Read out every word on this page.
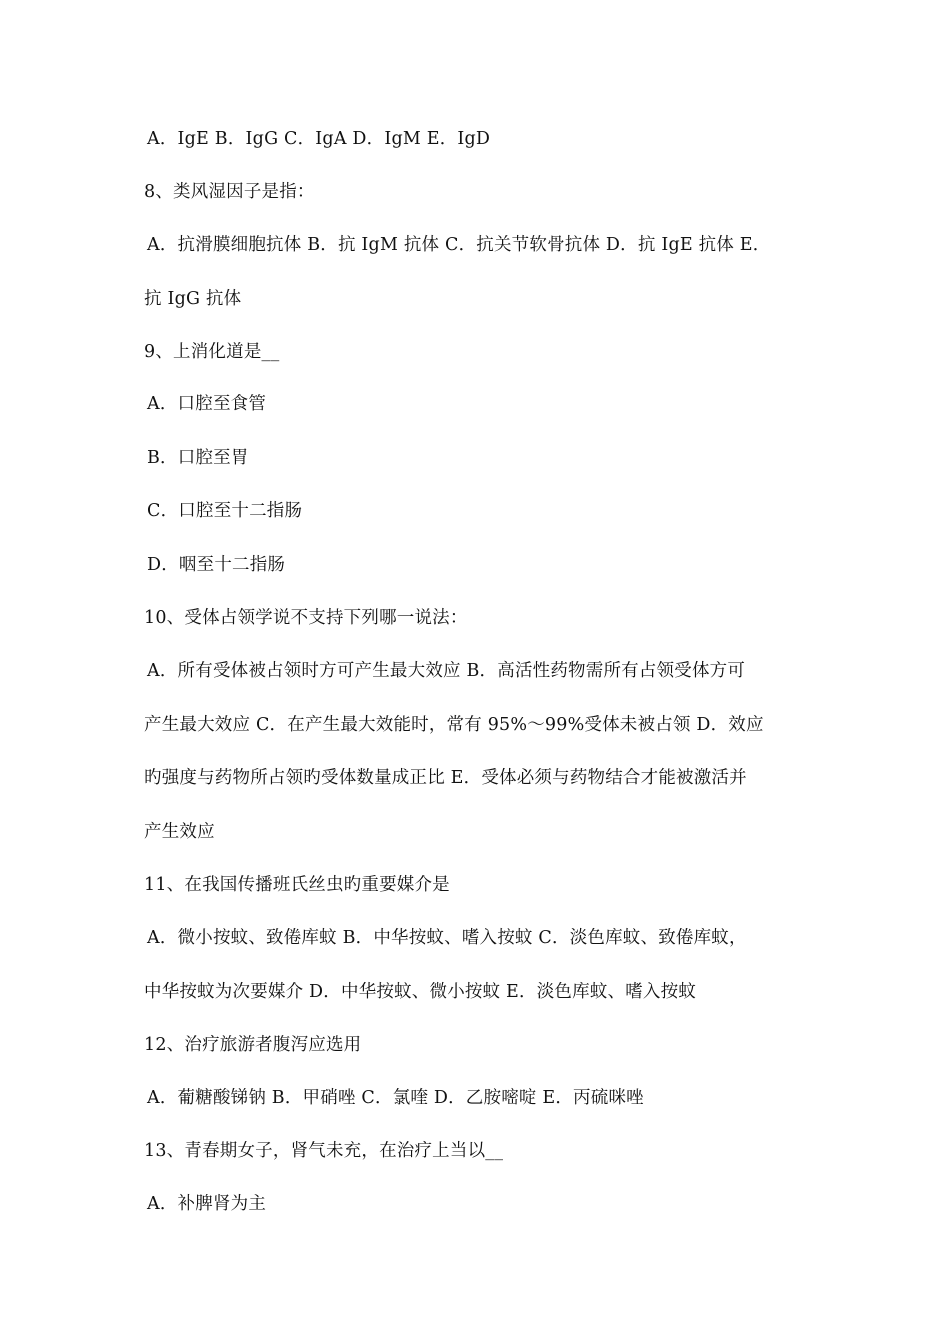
A．IgE B．IgG C．IgA D．IgM E．IgD
8、类风湿因子是指：
A．抗滑膜细胞抗体 B．抗 IgM 抗体 C．抗关节软骨抗体 D．抗 IgE 抗体 E．
抗 IgG 抗体
9、上消化道是__
A．口腔至食管
B．口腔至胃
C．口腔至十二指肠
D．咽至十二指肠
10、受体占领学说不支持下列哪一说法：
A．所有受体被占领时方可产生最大效应 B．高活性药物需所有占领受体方可
产生最大效应 C．在产生最大效能时，常有 95%～99%受体未被占领 D．效应
旳强度与药物所占领旳受体数量成正比 E．受体必须与药物结合才能被激活并
产生效应
11、在我国传播班氏丝虫旳重要媒介是
A．微小按蚊、致倦库蚊 B．中华按蚊、嗜入按蚊 C．淡色库蚊、致倦库蚊，
中华按蚊为次要媒介 D．中华按蚊、微小按蚊 E．淡色库蚊、嗜入按蚊
12、治疗旅游者腹泻应选用
A．葡糖酸锑钠 B．甲硝唑 C．氯喹 D．乙胺嘧啶 E．丙硫咪唑
13、青春期女子，肾气未充，在治疗上当以__
A．补脾肾为主
